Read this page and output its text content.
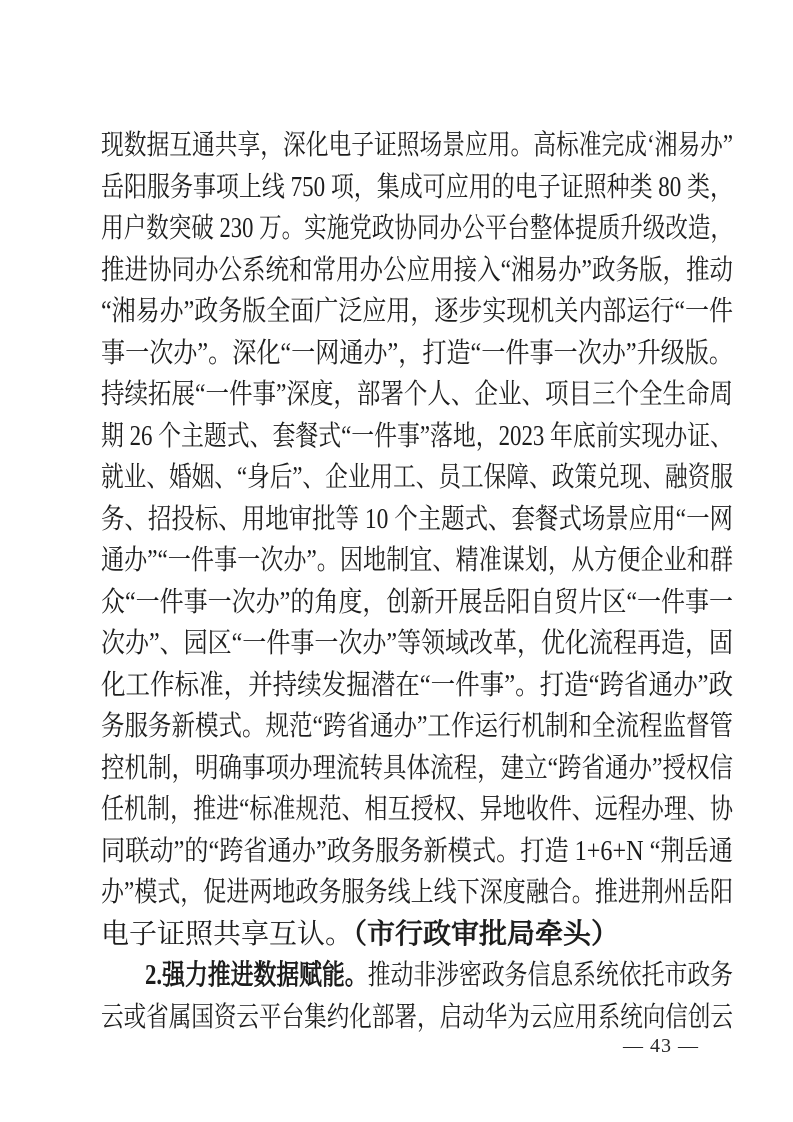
现数据互通共享，深化电子证照场景应用。高标准完成‘湘易办”
岳阳服务事项上线 750 项，集成可应用的电子证照种类 80 类，
用户数突破 230 万。实施党政协同办公平台整体提质升级改造，
推进协同办公系统和常用办公应用接入“湘易办”政务版，推动
“湘易办”政务版全面广泛应用，逐步实现机关内部运行“一件
事一次办”。深化“一网通办”，打造“一件事一次办”升级版。
持续拓展“一件事”深度，部署个人、企业、项目三个全生命周
期 26 个主题式、套餐式“一件事”落地，2023 年底前实现办证、
就业、婚姻、“身后”、企业用工、员工保障、政策兑现、融资服
务、招投标、用地审批等 10 个主题式、套餐式场景应用“一网
通办”“一件事一次办”。因地制宜、精准谋划，从方便企业和群
众“一件事一次办”的角度，创新开展岳阳自贸片区“一件事一
次办”、园区“一件事一次办”等领域改革，优化流程再造，固
化工作标准，并持续发掘潜在“一件事”。打造“跨省通办”政
务服务新模式。规范“跨省通办”工作运行机制和全流程监督管
控机制，明确事项办理流转具体流程，建立“跨省通办”授权信
任机制，推进“标准规范、相互授权、异地收件、远程办理、协
同联动”的“跨省通办”政务服务新模式。打造 1+6+N “荆岳通
办”模式，促进两地政务服务线上线下深度融合。推进荆州岳阳
电子证照共享互认。（市行政审批局牵头）
2.强力推进数据赋能。推动非涉密政务信息系统依托市政务
云或省属国资云平台集约化部署，启动华为云应用系统向信创云
— 43 —
